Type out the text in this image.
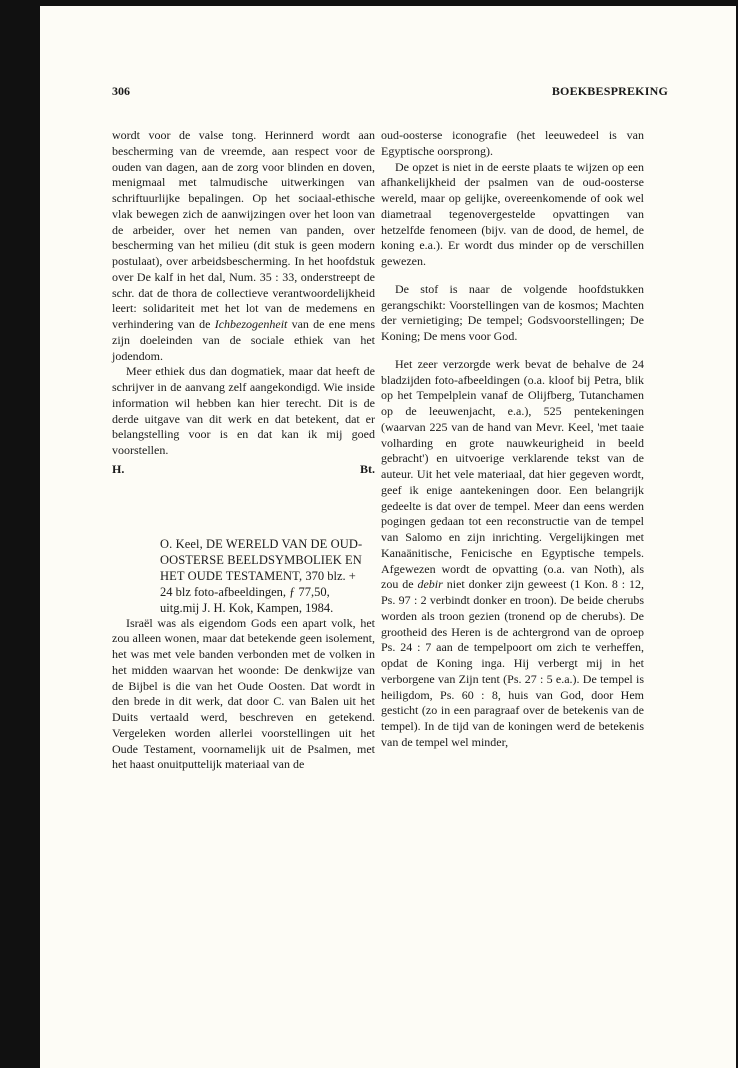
306	BOEKBESPREKING

wordt voor de valse tong. Herinnerd wordt aan bescherming van de vreemde, aan respect voor de ouden van dagen, aan de zorg voor blinden en doven, menigmaal met talmudische uitwerkingen van schriftuurlijke bepalingen. Op het sociaal-ethische vlak bewegen zich de aanwijzingen over het loon van de arbeider, over het nemen van panden, over bescherming van het milieu (dit stuk is geen modern postulaat), over arbeidsbescherming. In het hoofdstuk over De kalf in het dal, Num. 35 : 33, onderstreept de schr. dat de thora de collectieve verantwoordelijkheid leert: solidariteit met het lot van de medemens en verhindering van de Ichbezogenheit van de ene mens zijn doeleinden van de sociale ethiek van het jodendom.

Meer ethiek dus dan dogmatiek, maar dat heeft de schrijver in de aanvang zelf aangekondigd. Wie inside information wil hebben kan hier terecht. Dit is de derde uitgave van dit werk en dat betekent, dat er belangstelling voor is en dat kan ik mij goed voorstellen.

H.	Bt.
O. Keel, DE WERELD VAN DE OUD-OOSTERSE BEELDSYMBOLIEK EN HET OUDE TESTAMENT, 370 blz. + 24 blz foto-afbeeldingen, ƒ 77,50, uitg.mij J. H. Kok, Kampen, 1984.

Israël was als eigendom Gods een apart volk, het zou alleen wonen, maar dat betekende geen isolement, het was met vele banden verbonden met de volken in het midden waarvan het woonde: De denkwijze van de Bijbel is die van het Oude Oosten. Dat wordt in den brede in dit werk, dat door C. van Balen uit het Duits vertaald werd, beschreven en getekend. Vergeleken worden allerlei voorstellingen uit het Oude Testament, voornamelijk uit de Psalmen, met het haast onuitputtelijk materiaal van de

oud-oosterse iconografie (het leeuwedeel is van Egyptische oorsprong).

De opzet is niet in de eerste plaats te wijzen op een afhankelijkheid der psalmen van de oud-oosterse wereld, maar op gelijke, overeenkomende of ook wel diametraal tegenovergestelde opvattingen van hetzelfde fenomeen (bijv. van de dood, de hemel, de koning e.a.). Er wordt dus minder op de verschillen gewezen.

De stof is naar de volgende hoofdstukken gerangschikt: Voorstellingen van de kosmos; Machten der vernietiging; De tempel; Godsvoorstellingen; De Koning; De mens voor God.

Het zeer verzorgde werk bevat de behalve de 24 bladzijden foto-afbeeldingen (o.a. kloof bij Petra, blik op het Tempelplein vanaf de Olijfberg, Tutanchamen op de leeuwenjacht, e.a.), 525 pentekeningen (waarvan 225 van de hand van Mevr. Keel, 'met taaie volharding en grote nauwkeurigheid in beeld gebracht') en uitvoerige verklarende tekst van de auteur. Uit het vele materiaal, dat hier gegeven wordt, geef ik enige aantekeningen door. Een belangrijk gedeelte is dat over de tempel. Meer dan eens werden pogingen gedaan tot een reconstructie van de tempel van Salomo en zijn inrichting. Vergelijkingen met Kanaänitische, Fenicische en Egyptische tempels. Afgewezen wordt de opvatting (o.a. van Noth), als zou de debir niet donker zijn geweest (1 Kon. 8 : 12, Ps. 97 : 2 verbindt donker en troon). De beide cherubs worden als troon gezien (tronend op de cherubs). De grootheid des Heren is de achtergrond van de oproep Ps. 24 : 7 aan de tempelpoort om zich te verheffen, opdat de Koning inga. Hij verbergt mij in het verborgene van Zijn tent (Ps. 27 : 5 e.a.). De tempel is heiligdom, Ps. 60 : 8, huis van God, door Hem gesticht (zo in een paragraaf over de betekenis van de tempel). In de tijd van de koningen werd de betekenis van de tempel wel minder,
